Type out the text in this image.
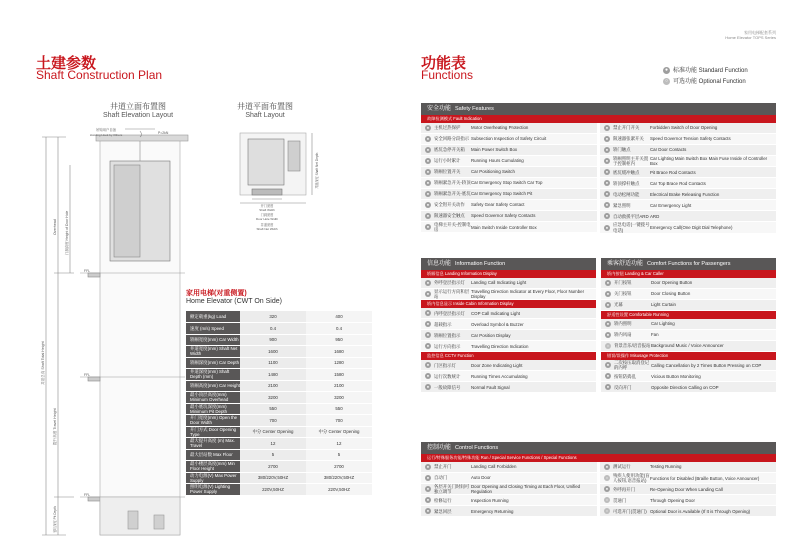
土建参数
Shaft Construction Plan
井道立面布置图
Shaft Elevation Layout
井道平面布置图
Shaft Layout
吊钩用户自备
Hoisting Hook by Others	P=2kN
FFL
FFL
FFL
井道总高 Shaft Total Height
Overhead 门洞高度 Height of Door Hole
提升高度 Travel Height
底坑深度 Pit Depth
开门宽度
Shaft Width
门洞宽度
Door Hole Width
井道宽度
Shaft Net Width
井道深度 Shaft Net Depth
家用电梯(对重侧置)
Home Elevator (CWT On Side)
额定载重(kg) Load	320	400
速度 (m/s) Speed	0.4	0.4
轿厢宽度(mm) Car Width	900	950
井道宽度(mm) Shaft Net Width	1600	1680
轿厢深度(mm) Car Depth	1100	1280
井道深度(mm) Shaft Depth (mm)	1480	1580
轿厢高度(mm) Car Height	2100	2100
最小顶层高度(mm) Minimum Overhead	3200	3200
最小底坑深度(mm) Minimum Pit Depth	550	550
开门宽度(mm) Open the Door Width	700	700
开门方式 Door Opening Type	中分 Center Opening	中分 Center Opening
最大提升高度 (m) Max. Travel	12	12
最大层站数 Max Floor	5	5
最小楼层高度(mm) Min Floor Height	2700	2700
动力电源(V) Max Power Supply	380/220V,50HZ	380/220V,50HZ
照明电源(V) Lighting Power Supply	220V,50HZ	220V,50HZ
家用电梯配套系列
Home Elevator TOPS Series
功能表
Functions	● 标准功能 Standard Function
○ 可选功能 Optional Function
安全功能 Safety Features
故障检测模式 Fault Indication
●	主机过热保护 Motor Overheating Protection
●	安全回路分段指示 Subsection Inspection of Safety Circuit
●	底坑急停开关箱 Main Power Switch Box
●	运行小时累计 Running Hours Cumulating
●	轿厢位置开关 Car Positioning Switch
●	轿厢紧急开关-轿顶 Car Emergency Stop Switch Car Top
●	轿厢紧急开关-底坑 Car Emergency Stop Switch Pit
●	安全钳开关动作 Safety Gear Safety Contact
●	限速器安全触点 Speed Governor Safety Contacts
●	电梯主开关-控制电房
Main Switch Inside Controller Box
●	禁止开门开关 Forbidden Switch of Door Opening
●	限速器张紧开关 Speed Governor Tension Safety Contacts
●	轿门触点	Car Door Contacts
●	轿厢照明主开关置于控制柜内
Car Lighting Main Switch Box Main Fuse Inside of Controller Box
●	底坑缓冲触点 Pit Brace Rod Contacts
●	轿顶撑杆触点 Car Top Brace Rod Contacts
●	电动松闸功能 Electrical Brake Releasing Function
●	紧急照明	Car Emergency Light
●	自动救援平层ARD ARD
●	应急电话(一键拨号电话)
Emergency Call(One Digit Dial Telephone)
信息功能 Information Function
轿厢信息 Landing Information Display
●	外呼登层指示灯 Landing Call Indicating Light
●	显示运行方向和层站
Travelling Direction Indicator at Every Floor, Floor Number Display
轿内信息显示 Inside Cabin Information Display
●	内呼登层指示灯 COP Call Indicating Light
●	超载指示	Overload Symbol & Buzzer
●	轿厢位置指示 Car Position Display
●	运行方向指示 Travelling Direction Indication
监控信息 CCTV Function
●	门区指示灯	Door Zone Indicating Light
●	运行次数统计 Running Times Accumulating
●	一般故障信号 Normal Fault Signal
乘客舒适功能 Comfort Functions for Passengers
轿内按钮 Landing & Car Caller
●	开门按钮	Door Opening Button
●	关门按钮	Door Closing Button
●	光幕	Light Curtain
舒适性设置 Comfortable Running
●	轿内照明	Car Lighting
●	轿内风扇	Fan
○	背景音乐/语音报站 Background Music / Voice Announcer
错误/误操作 Misusage Protection
●	二次按压取消登记的内呼
Calling Cancellation by 2 Times Button Pressing on COP
●	按钮防捣乱	Vicious Button Monitoring
●	反向开门	Opposite Direction Calling on COP
控制功能 Control Functions
运行/特殊服务功能/特殊功能 Run / Special Service Functions / Special Functions
●	禁止开门	Landing Call Forbidden
●	自动门	Auto Door
●	各层开关门时间可独立调节
Door Opening and Closing Timing at Each Floor, Unified Regulation
●	检修运行	Inspection Running
●	紧急回层	Emergency Returning
●	测试运行	Testing Running
○	残疾人使用功能(盲人按钮,语音报站)
Functions for Disabled (Braille Button, Voice Announcer)
●	外呼再开门	Re-Opening Door When Landing Call
○	贯通门	Through Opening Door
○	可选开门(贯通门) Optional Door is Available (If It is Through Opening)
